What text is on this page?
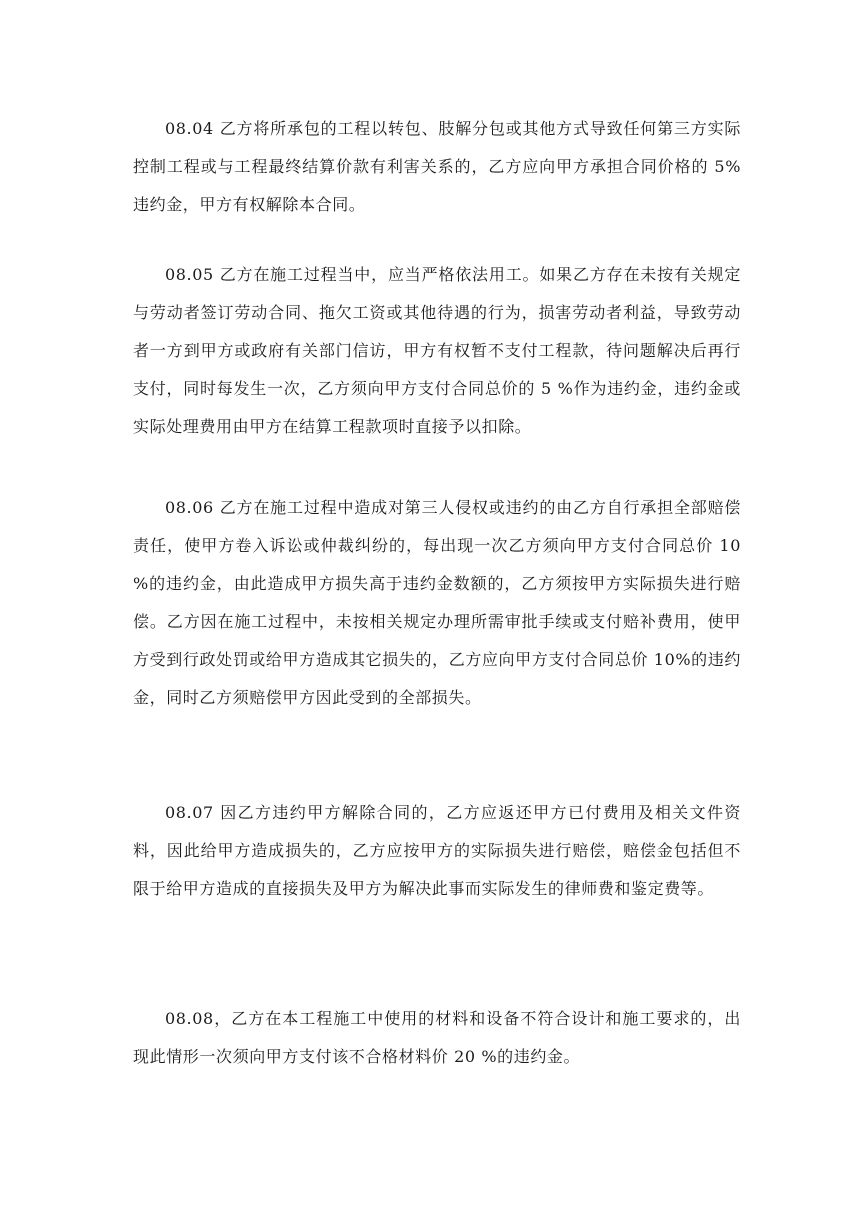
08.04 乙方将所承包的工程以转包、肢解分包或其他方式导致任何第三方实际控制工程或与工程最终结算价款有利害关系的，乙方应向甲方承担合同价格的 5%违约金，甲方有权解除本合同。

08.05 乙方在施工过程当中，应当严格依法用工。如果乙方存在未按有关规定与劳动者签订劳动合同、拖欠工资或其他待遇的行为，损害劳动者利益，导致劳动者一方到甲方或政府有关部门信访，甲方有权暂不支付工程款，待问题解决后再行支付，同时每发生一次，乙方须向甲方支付合同总价的 5 %作为违约金，违约金或实际处理费用由甲方在结算工程款项时直接予以扣除。

08.06 乙方在施工过程中造成对第三人侵权或违约的由乙方自行承担全部赔偿责任，使甲方卷入诉讼或仲裁纠纷的，每出现一次乙方须向甲方支付合同总价 10 %的违约金，由此造成甲方损失高于违约金数额的，乙方须按甲方实际损失进行赔偿。乙方因在施工过程中，未按相关规定办理所需审批手续或支付赔补费用，使甲方受到行政处罚或给甲方造成其它损失的，乙方应向甲方支付合同总价 10%的违约金，同时乙方须赔偿甲方因此受到的全部损失。

08.07 因乙方违约甲方解除合同的，乙方应返还甲方已付费用及相关文件资料，因此给甲方造成损失的，乙方应按甲方的实际损失进行赔偿，赔偿金包括但不限于给甲方造成的直接损失及甲方为解决此事而实际发生的律师费和鉴定费等。

08.08，乙方在本工程施工中使用的材料和设备不符合设计和施工要求的，出现此情形一次须向甲方支付该不合格材料价 20 %的违约金。
